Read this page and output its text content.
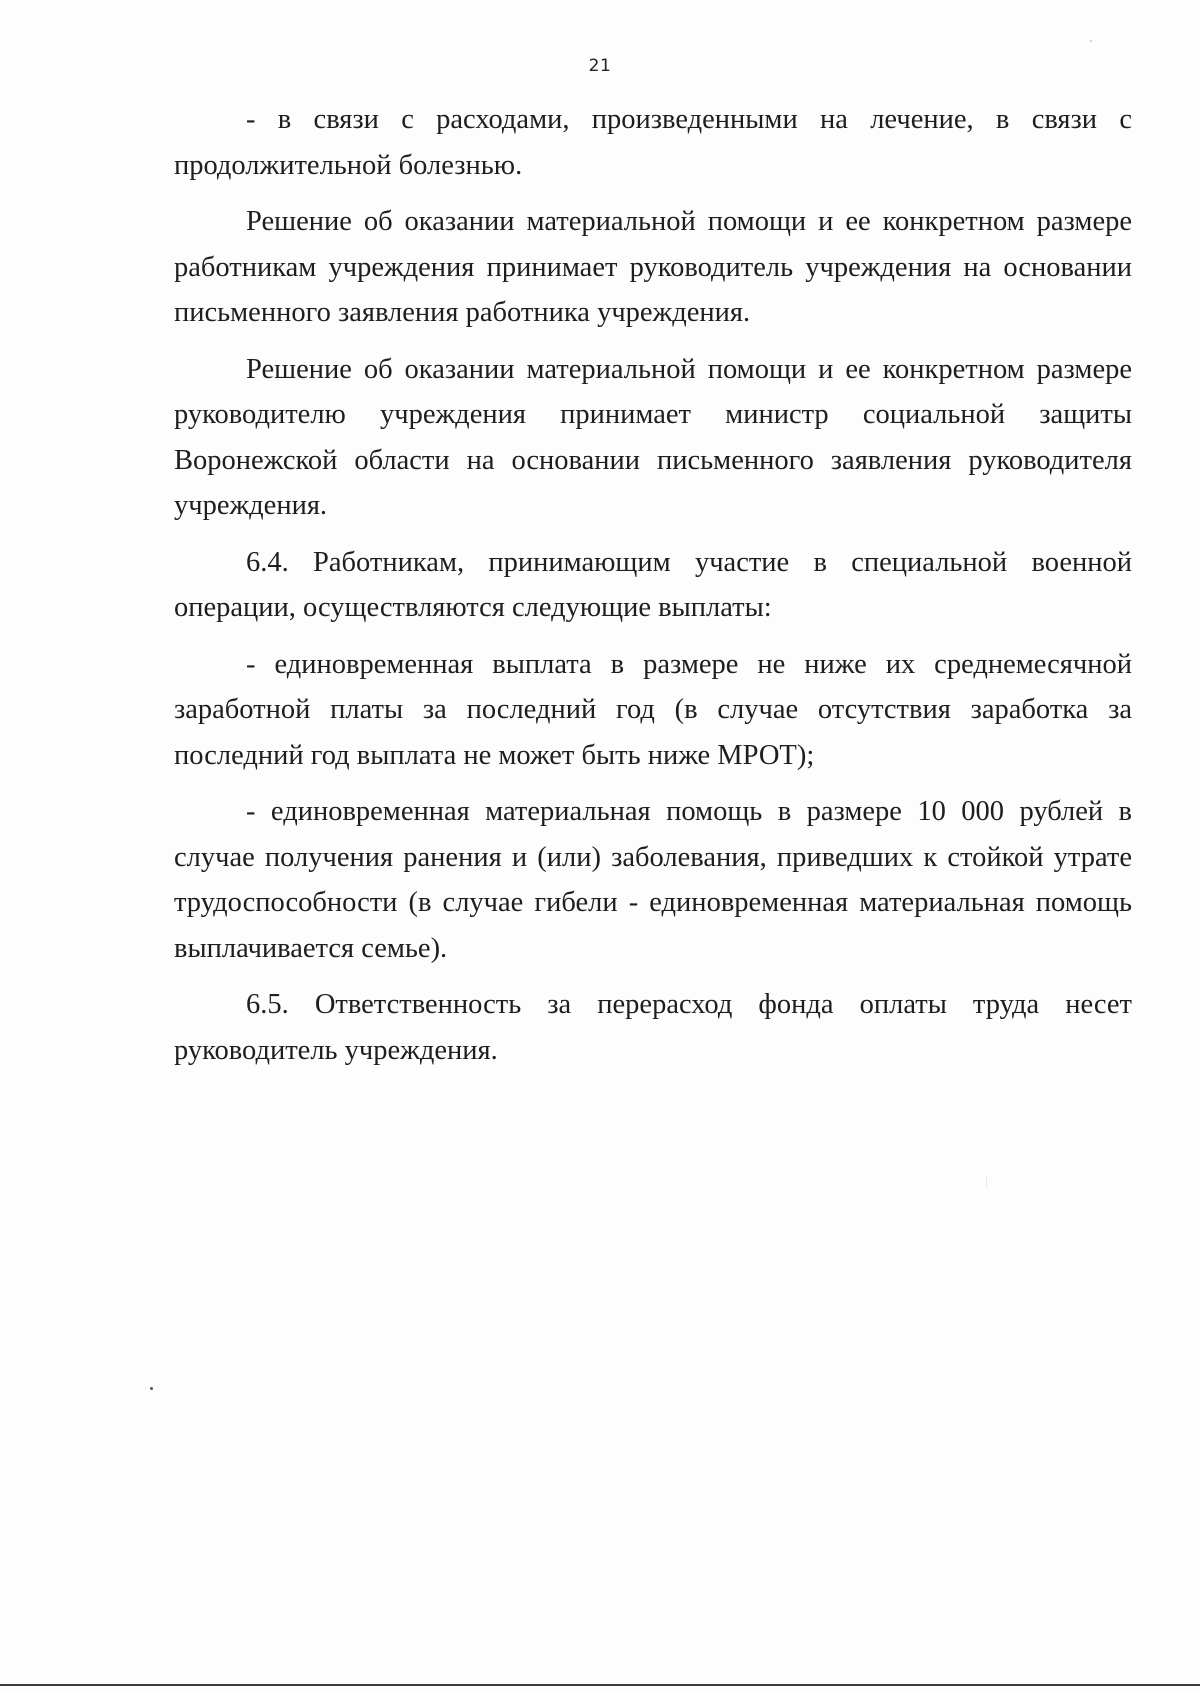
21

- в связи с расходами, произведенными на лечение, в связи с продолжительной болезнью.

Решение об оказании материальной помощи и ее конкретном размере работникам учреждения принимает руководитель учреждения на основании письменного заявления работника учреждения.

Решение об оказании материальной помощи и ее конкретном размере руководителю учреждения принимает министр социальной защиты Воронежской области на основании письменного заявления руководителя учреждения.

6.4. Работникам, принимающим участие в специальной военной операции, осуществляются следующие выплаты:

- единовременная выплата в размере не ниже их среднемесячной заработной платы за последний год (в случае отсутствия заработка за последний год выплата не может быть ниже МРОТ);

- единовременная материальная помощь в размере 10 000 рублей в случае получения ранения и (или) заболевания, приведших к стойкой утрате трудоспособности (в случае гибели - единовременная материальная помощь выплачивается семье).

6.5. Ответственность за перерасход фонда оплаты труда несет руководитель учреждения.
